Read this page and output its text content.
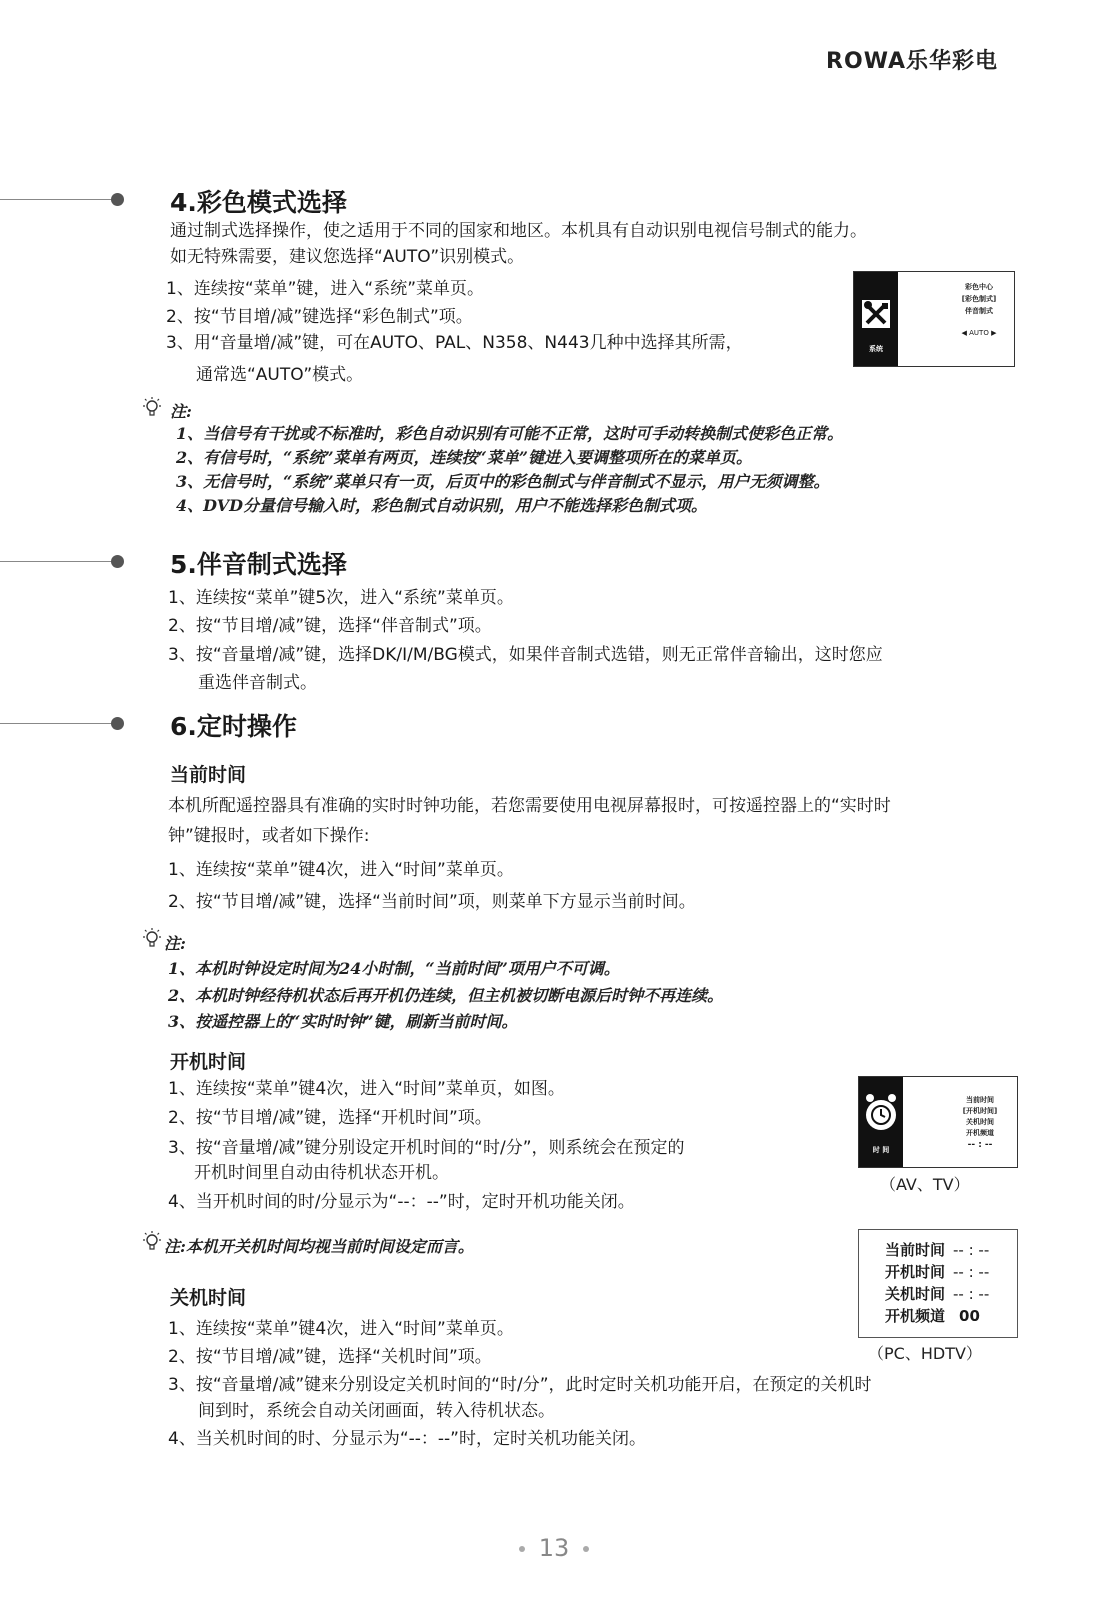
ROWA乐华彩电
4.彩色模式选择
通过制式选择操作，使之适用于不同的国家和地区。本机具有自动识别电视信号制式的能力。
如无特殊需要，建议您选择“AUTO”识别模式。
1、连续按“菜单”键，进入“系统”菜单页。
2、按“节目增/减”键选择“彩色制式”项。
3、用“音量增/减”键，可在AUTO、PAL、N358、N443几种中选择其所需，
通常选“AUTO”模式。
系统
彩色中心
[彩色制式]
伴音制式
◀ AUTO ▶
注:
1、当信号有干扰或不标准时，彩色自动识别有可能不正常，这时可手动转换制式使彩色正常。
2、有信号时，“系统”菜单有两页，连续按“菜单”键进入要调整项所在的菜单页。
3、无信号时，“系统”菜单只有一页，后页中的彩色制式与伴音制式不显示，用户无须调整。
4、DVD分量信号输入时，彩色制式自动识别，用户不能选择彩色制式项。
5.伴音制式选择
1、连续按“菜单”键5次，进入“系统”菜单页。
2、按“节目增/减”键，选择“伴音制式”项。
3、按“音量增/减”键，选择DK/I/M/BG模式，如果伴音制式选错，则无正常伴音输出，这时您应
重选伴音制式。
6.定时操作
当前时间
本机所配遥控器具有准确的实时时钟功能，若您需要使用电视屏幕报时，可按遥控器上的“实时时
钟”键报时，或者如下操作:
1、连续按“菜单”键4次，进入“时间”菜单页。
2、按“节目增/减”键，选择“当前时间”项，则菜单下方显示当前时间。
注:
1、本机时钟设定时间为24小时制，“当前时间”项用户不可调。
2、本机时钟经待机状态后再开机仍连续，但主机被切断电源后时钟不再连续。
3、按遥控器上的“实时时钟”键，刷新当前时间。
开机时间
1、连续按“菜单”键4次，进入“时间”菜单页，如图。
2、按“节目增/减”键，选择“开机时间”项。
3、按“音量增/减”键分别设定开机时间的“时/分”，则系统会在预定的
开机时间里自动由待机状态开机。
4、当开机时间的时/分显示为“--：--”时，定时开机功能关闭。
时 间
当前时间
[开机时间]
关机时间
开机频道
-- : --
（AV、TV）
当前时间 -- : --
开机时间 -- : --
关机时间 -- : --
开机频道 00
（PC、HDTV）
注:本机开关机时间均视当前时间设定而言。
关机时间
1、连续按“菜单”键4次，进入“时间”菜单页。
2、按“节目增/减”键，选择“关机时间”项。
3、按“音量增/减”键来分别设定关机时间的“时/分”，此时定时关机功能开启，在预定的关机时
间到时，系统会自动关闭画面，转入待机状态。
4、当关机时间的时、分显示为“--：--”时，定时关机功能关闭。
13
